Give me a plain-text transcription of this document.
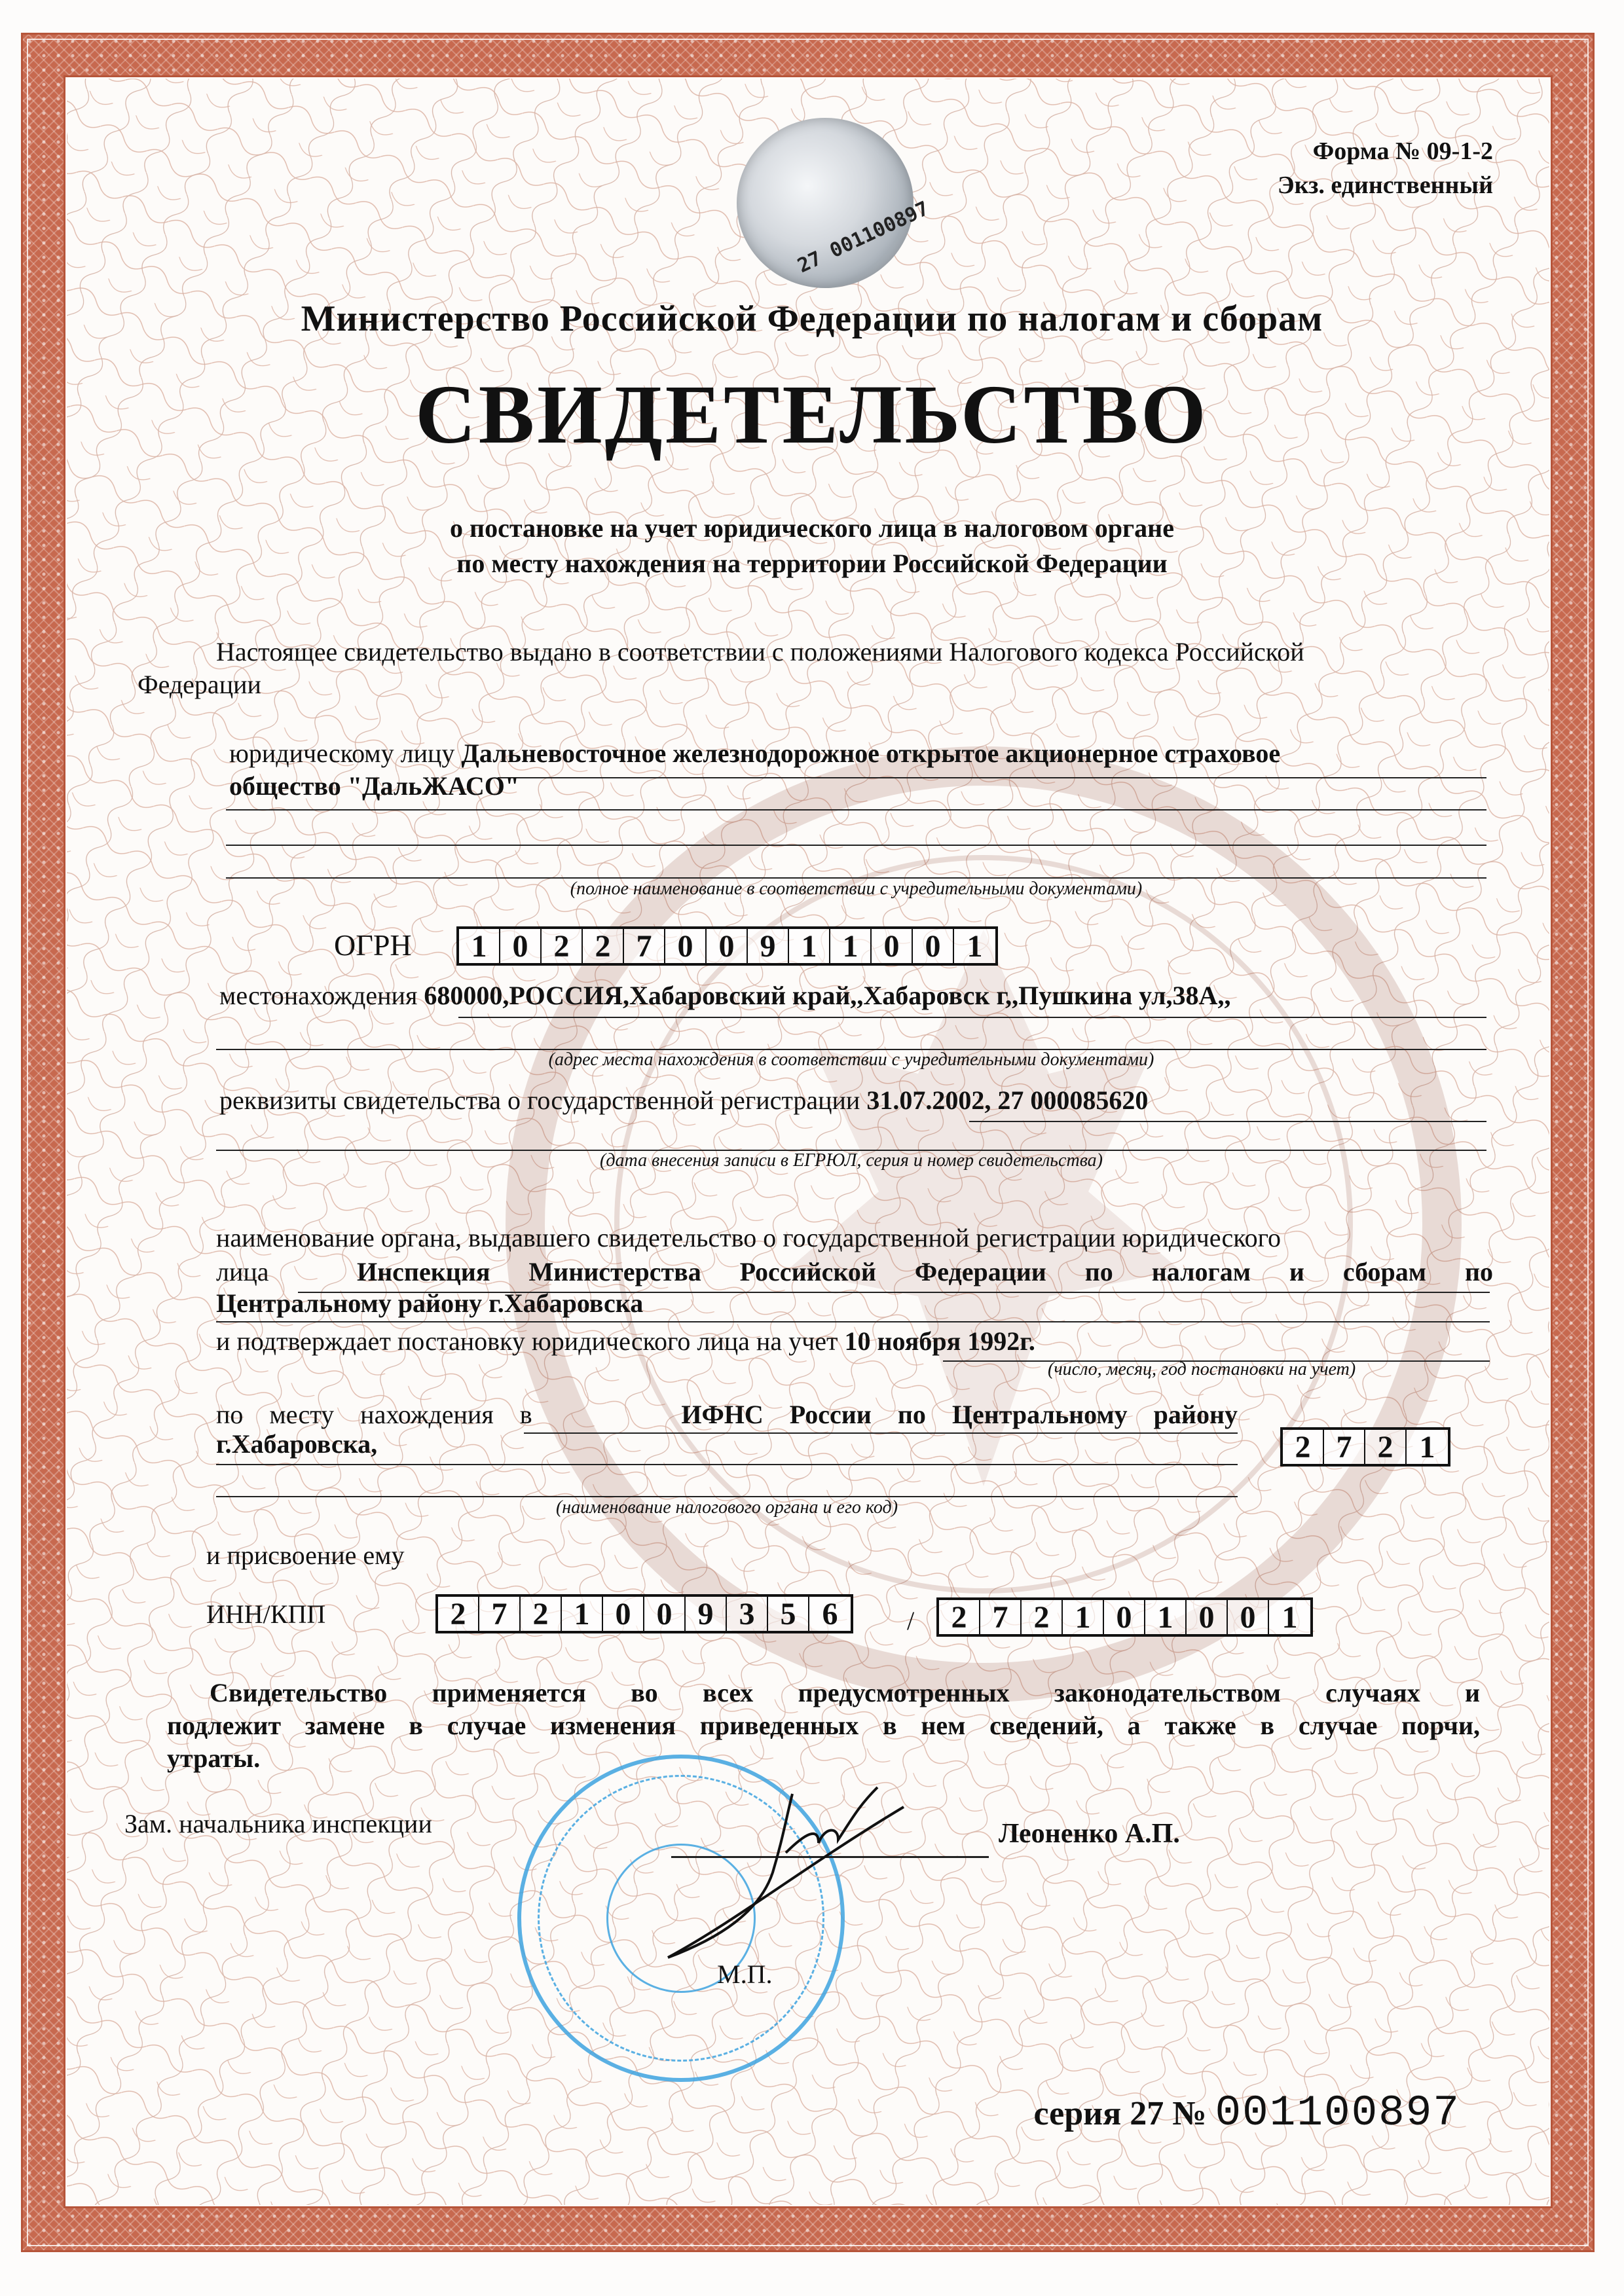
Форма № 09-1-2
Экз. единственный
27 001100897
Министерство Российской Федерации по налогам и сборам
СВИДЕТЕЛЬСТВО
о постановке на учет юридического лица в налоговом органе
по месту нахождения на территории Российской Федерации
Настоящее свидетельство выдано в соответствии с положениями Налогового кодекса Российской
Федерации
юридическому лицу Дальневосточное железнодорожное открытое акционерное страховое
общество "ДальЖАСО"
(полное наименование в соответствии с учредительными документами)
ОГРН	1 0 2 2 7 0 0 9 1 1 0 0 1
местонахождения 680000,РОССИЯ,Хабаровский край,,Хабаровск г,,Пушкина ул,38А,,
(адрес места нахождения в соответствии с учредительными документами)
реквизиты свидетельства о государственной регистрации 31.07.2002, 27 000085620
(дата внесения записи в ЕГРЮЛ, серия и номер свидетельства)
наименование органа, выдавшего свидетельство о государственной регистрации юридического
лица	Инспекция Министерства Российской Федерации по налогам и сборам по
Центральному району г.Хабаровска
и подтверждает постановку юридического лица на учет 10 ноября 1992г.
(число, месяц, год постановки на учет)
по месту нахождения в	ИФНС России по Центральному району
г.Хабаровска,	2 7 2 1
(наименование налогового органа и его код)
и присвоение ему
ИНН/КПП	2 7 2 1 0 0 9 3 5 6	/	2 7 2 1 0 1 0 0 1
Свидетельство применяется во всех предусмотренных законодательством случаях и
подлежит замене в случае изменения приведенных в нем сведений, а также в случае порчи,
утраты.
Зам. начальника инспекции	Леоненко А.П.
М.П.
серия 27 № 001100897
